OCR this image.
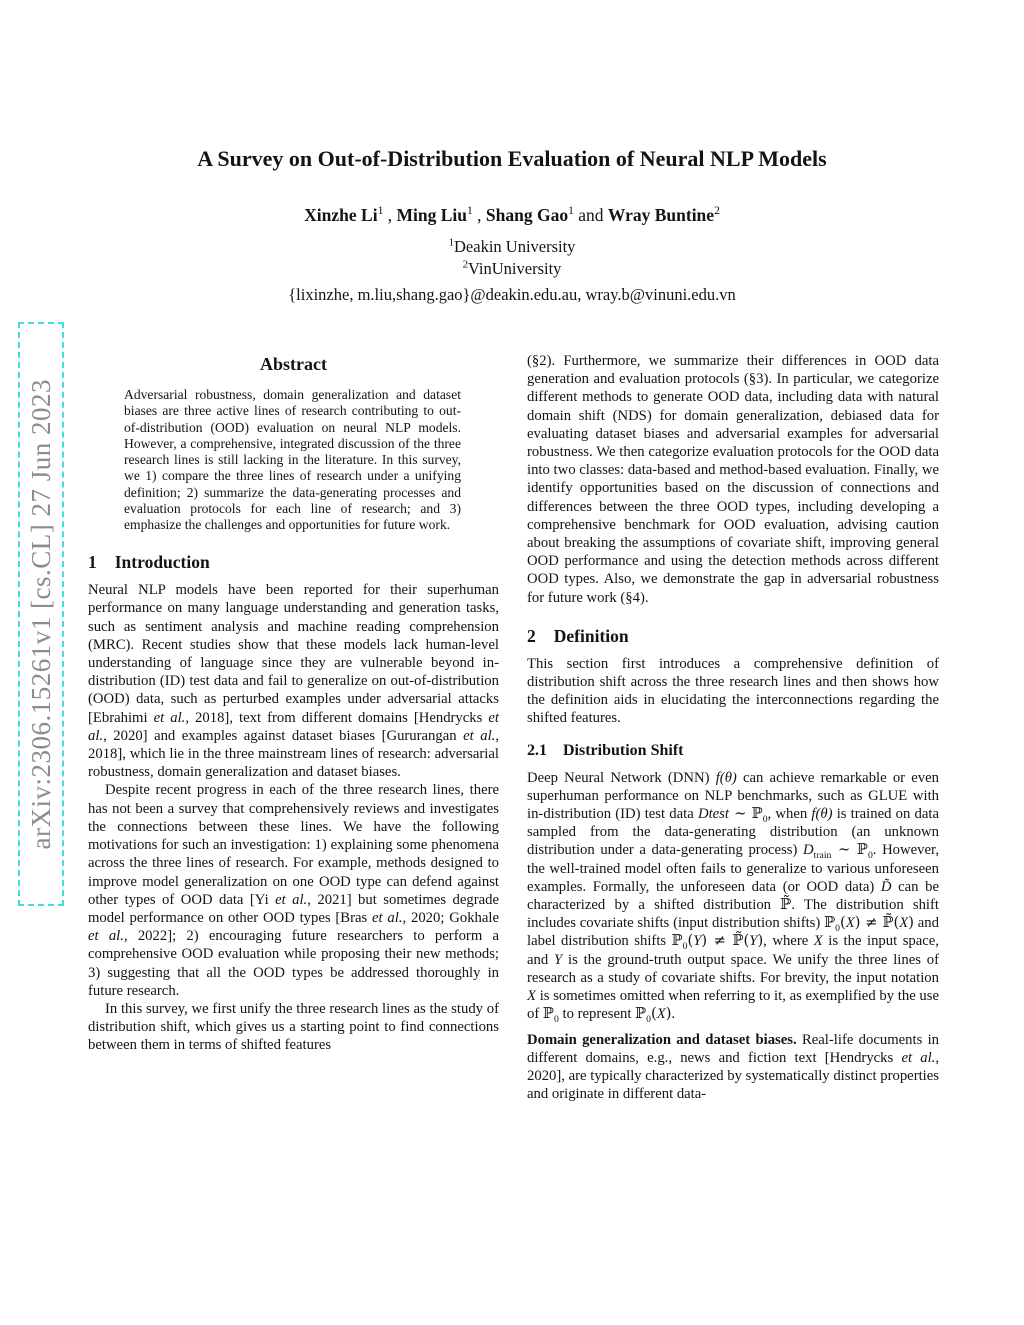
arXiv:2306.15261v1 [cs.CL] 27 Jun 2023
A Survey on Out-of-Distribution Evaluation of Neural NLP Models
Xinzhe Li$^1$ , Ming Liu$^1$ , Shang Gao$^1$ and Wray Buntine$^2$
$^1$Deakin University
$^2$VinUniversity
{lixinzhe, m.liu,shang.gao}@deakin.edu.au, wray.b@vinuni.edu.vn
Abstract
Adversarial robustness, domain generalization and dataset biases are three active lines of research contributing to out-of-distribution (OOD) evaluation on neural NLP models. However, a comprehensive, integrated discussion of the three research lines is still lacking in the literature. In this survey, we 1) compare the three lines of research under a unifying definition; 2) summarize the data-generating processes and evaluation protocols for each line of research; and 3) emphasize the challenges and opportunities for future work.
1 Introduction
Neural NLP models have been reported for their superhuman performance on many language understanding and generation tasks, such as sentiment analysis and machine reading comprehension (MRC). Recent studies show that these models lack human-level understanding of language since they are vulnerable beyond in-distribution (ID) test data and fail to generalize on out-of-distribution (OOD) data, such as perturbed examples under adversarial attacks [Ebrahimi et al., 2018], text from different domains [Hendrycks et al., 2020] and examples against dataset biases [Gururangan et al., 2018], which lie in the three mainstream lines of research: adversarial robustness, domain generalization and dataset biases.
Despite recent progress in each of the three research lines, there has not been a survey that comprehensively reviews and investigates the connections between these lines. We have the following motivations for such an investigation: 1) explaining some phenomena across the three lines of research. For example, methods designed to improve model generalization on one OOD type can defend against other types of OOD data [Yi et al., 2021] but sometimes degrade model performance on other OOD types [Bras et al., 2020; Gokhale et al., 2022]; 2) encouraging future researchers to perform a comprehensive OOD evaluation while proposing their new methods; 3) suggesting that all the OOD types be addressed thoroughly in future research.
In this survey, we first unify the three research lines as the study of distribution shift, which gives us a starting point to find connections between them in terms of shifted features
(§2). Furthermore, we summarize their differences in OOD data generation and evaluation protocols (§3). In particular, we categorize different methods to generate OOD data, including data with natural domain shift (NDS) for domain generalization, debiased data for evaluating dataset biases and adversarial examples for adversarial robustness. We then categorize evaluation protocols for the OOD data into two classes: data-based and method-based evaluation. Finally, we identify opportunities based on the discussion of connections and differences between the three OOD types, including developing a comprehensive benchmark for OOD evaluation, advising caution about breaking the assumptions of covariate shift, improving general OOD performance and using the detection methods across different OOD types. Also, we demonstrate the gap in adversarial robustness for future work (§4).
2 Definition
This section first introduces a comprehensive definition of distribution shift across the three research lines and then shows how the definition aids in elucidating the interconnections regarding the shifted features.
2.1 Distribution Shift
Deep Neural Network (DNN) f(θ) can achieve remarkable or even superhuman performance on NLP benchmarks, such as GLUE with in-distribution (ID) test data Dtest ∼ ℙ$_0$, when f(θ) is trained on data sampled from the data-generating distribution (an unknown distribution under a data-generating process) $D_{train}$ ∼ ℙ$_0$. However, the well-trained model often fails to generalize to various unforeseen examples. Formally, the unforeseen data (or OOD data) D̃ can be characterized by a shifted distribution ℙ̃. The distribution shift includes covariate shifts (input distribution shifts) ℙ$_0$(X) ≠ ℙ̃(X) and label distribution shifts ℙ$_0$(Y) ≠ ℙ̃(Y), where X is the input space, and Y is the ground-truth output space. We unify the three lines of research as a study of covariate shifts. For brevity, the input notation X is sometimes omitted when referring to it, as exemplified by the use of ℙ$_0$ to represent ℙ$_0$(X).
Domain generalization and dataset biases. Real-life documents in different domains, e.g., news and fiction text [Hendrycks et al., 2020], are typically characterized by systematically distinct properties and originate in different data-
